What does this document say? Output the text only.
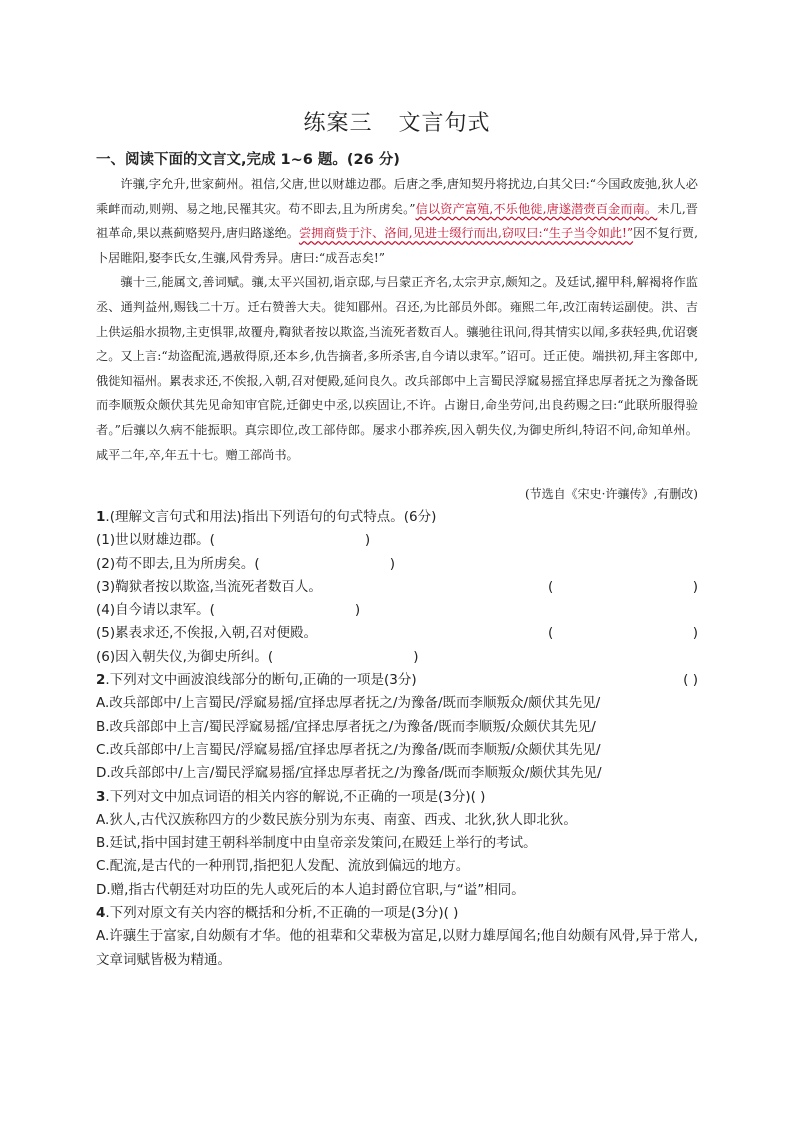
练案三 文言句式
一、阅读下面的文言文,完成 1~6 题。(26 分)

许骧,字允升,世家蓟州。祖信,父唐,世以财雄边郡。后唐之季,唐知契丹将扰边,白其父曰:“今国政废弛,狄人必乘衅而动,则朔、易之地,民罹其灾。苟不即去,且为所虏矣。”信以资产富殖,不乐他徙,唐遂潜赍百金而南。未几,晋祖革命,果以燕蓟赂契丹,唐归路遂绝。尝拥商赀于汴、洛间,见进士缀行而出,窃叹曰:“生子当令如此!”因不复行贾,卜居睢阳,娶李氏女,生骧,风骨秀异。唐曰:“成吾志矣!”

骧十三,能属文,善词赋。骧,太平兴国初,诣京邸,与吕蒙正齐名,太宗尹京,颇知之。及廷试,擢甲科,解褐将作监丞、通判益州,赐钱二十万。迁右赞善大夫。徙知郿州。召还,为比部员外郎。雍熙二年,改江南转运副使。洪、吉上供运船水损物,主吏惧罪,故覆舟,鞫狱者按以欺盗,当流死者数百人。骧驰往讯问,得其情实以闻,多获轻典,优诏褒之。又上言:“劫盗配流,遇赦得原,还本乡,仇告摘者,多所杀害,自今请以隶军。”诏可。迁正使。端拱初,拜主客郎中,俄徙知福州。累表求还,不俟报,入朝,召对便殿,延问良久。改兵部郎中上言蜀民浮窳易摇宜择忠厚者抚之为豫备既而李顺叛众颇伏其先见命知审官院,迁御史中丞,以疾固让,不许。占谢日,命坐劳问,出良药赐之曰:“此联所服得验者。”后骧以久病不能振职。真宗即位,改工部侍郎。屡求小郡养疾,因入朝失仪,为御史所纠,特诏不问,命知单州。咸平二年,卒,年五十七。赠工部尚书。

(节选自《宋史·许骧传》,有删改)
1.(理解文言句式和用法)指出下列语句的句式特点。(6分)
(1)世以财雄边郡。(	)
(2)苟不即去,且为所虏矣。(	)
(3)鞫狱者按以欺盗,当流死者数百人。	(	)
(4)自今请以隶军。(	)
(5)累表求还,不俟报,入朝,召对便殿。	(	)
(6)因入朝失仪,为御史所纠。(	)
2.下列对文中画波浪线部分的断句,正确的一项是(3分)	( )
A.改兵部郎中/上言蜀民/浮窳易摇/宜择忠厚者抚之/为豫备/既而李顺叛众/颇伏其先见/
B.改兵部郎中上言/蜀民浮窳易摇/宜择忠厚者抚之/为豫备/既而李顺叛/众颇伏其先见/
C.改兵部郎中/上言蜀民/浮窳易摇/宜择忠厚者抚之/为豫备/既而李顺叛/众颇伏其先见/
D.改兵部郎中/上言/蜀民浮窳易摇/宜择忠厚者抚之/为豫备/既而李顺叛众/颇伏其先见/
3.下列对文中加点词语的相关内容的解说,不正确的一项是(3分)( )
A.狄人,古代汉族称四方的少数民族分别为东夷、南蛮、西戎、北狄,狄人即北狄。
B.廷试,指中国封建王朝科举制度中由皇帝亲发策问,在殿廷上举行的考试。
C.配流,是古代的一种刑罚,指把犯人发配、流放到偏远的地方。
D.赠,指古代朝廷对功臣的先人或死后的本人追封爵位官职,与“谥”相同。
4.下列对原文有关内容的概括和分析,不正确的一项是(3分)( )
A.许骧生于富家,自幼颇有才华。他的祖辈和父辈极为富足,以财力雄厚闻名;他自幼颇有风骨,异于常人,文章词赋皆极为精通。
